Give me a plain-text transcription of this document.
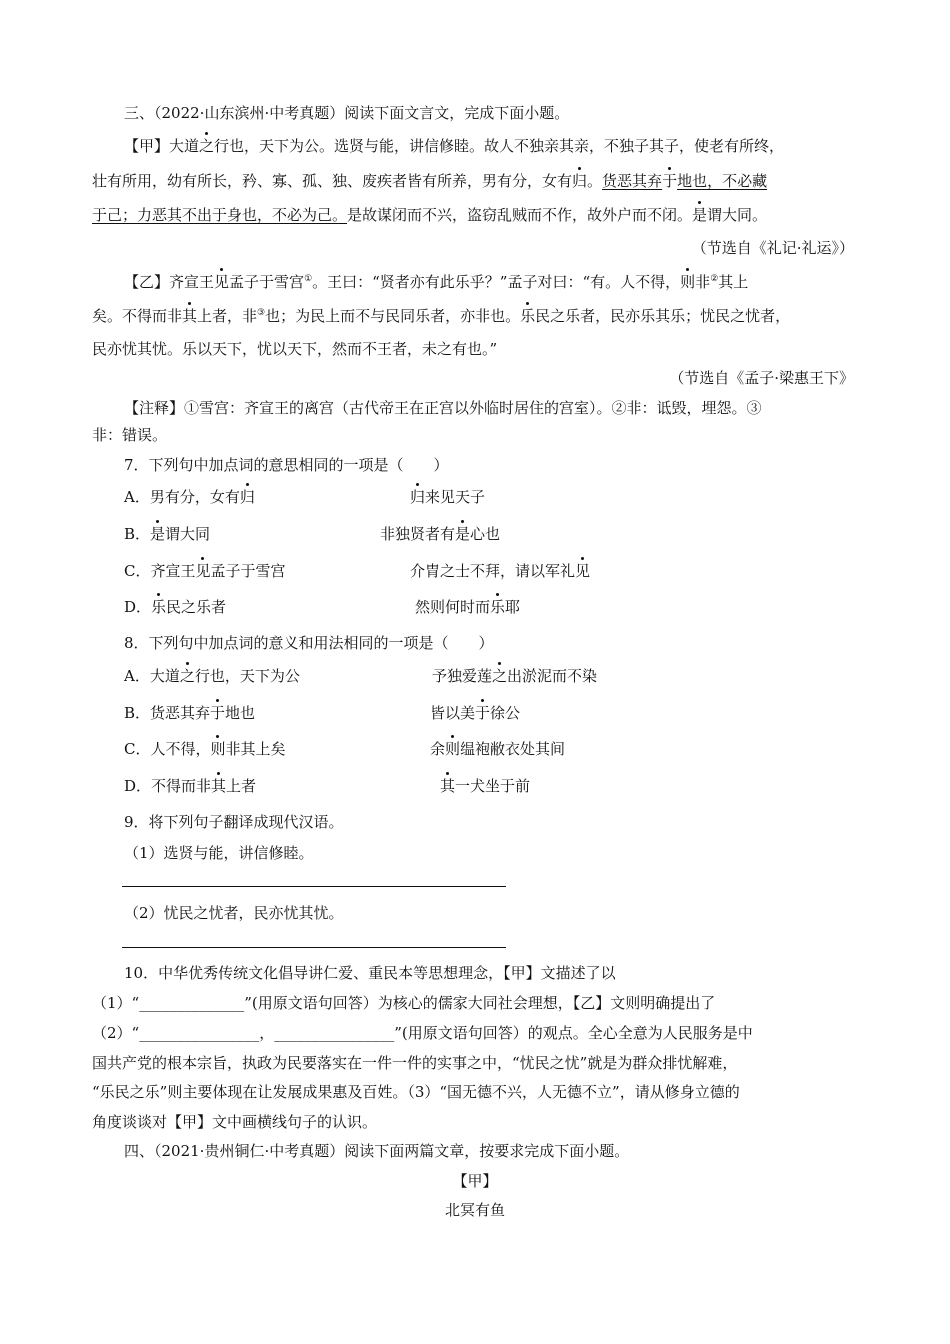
三、（2022·山东滨州·中考真题）阅读下面文言文，完成下面小题。
【甲】大道之行也，天下为公。选贤与能，讲信修睦。故人不独亲其亲，不独子其子，使老有所终，
壮有所用，幼有所长，矜、寡、孤、独、废疾者皆有所养，男有分，女有归。货恶其弃于地也，不必藏
于己；力恶其不出于身也，不必为己。是故谋闭而不兴，盗窃乱贼而不作，故外户而不闭。是谓大同。
（节选自《礼记·礼运》）
【乙】齐宣王见孟子于雪宫①。王曰：“贤者亦有此乐乎？”孟子对曰：“有。人不得，则非②其上
矣。不得而非其上者，非③也；为民上而不与民同乐者，亦非也。乐民之乐者，民亦乐其乐；忧民之忧者，
民亦忧其忧。乐以天下，忧以天下，然而不王者，未之有也。”
（节选自《孟子·梁惠王下》
【注释】①雪宫：齐宣王的离宫（古代帝王在正宫以外临时居住的宫室）。②非：诋毁，埋怨。③
非：错误。
7．下列句中加点词的意思相同的一项是（　　）
A．男有分，女有归	归来见天子
B．是谓大同	非独贤者有是心也
C．齐宣王见孟子于雪宫	介胄之士不拜，请以军礼见
D．乐民之乐者	然则何时而乐耶
8．下列句中加点词的意义和用法相同的一项是（　　）
A．大道之行也，天下为公	予独爱莲之出淤泥而不染
B．货恶其弃于地也	皆以美于徐公
C．人不得，则非其上矣	余则缊袍敝衣处其间
D．不得而非其上者	其一犬坐于前
9．将下列句子翻译成现代汉语。
（1）选贤与能，讲信修睦。
（2）忧民之忧者，民亦忧其忧。
10．中华优秀传统文化倡导讲仁爱、重民本等思想理念，【甲】文描述了以
（1）“______________”(用原文语句回答）为核心的儒家大同社会理想，【乙】文则明确提出了
（2）“________________，________________”(用原文语句回答）的观点。全心全意为人民服务是中
国共产党的根本宗旨，执政为民要落实在一件一件的实事之中，“忧民之忧”就是为群众排忧解难，
“乐民之乐”则主要体现在让发展成果惠及百姓。（3）“国无德不兴，人无德不立”，请从修身立德的
角度谈谈对【甲】文中画横线句子的认识。
四、（2021·贵州铜仁·中考真题）阅读下面两篇文章，按要求完成下面小题。
【甲】
北冥有鱼
